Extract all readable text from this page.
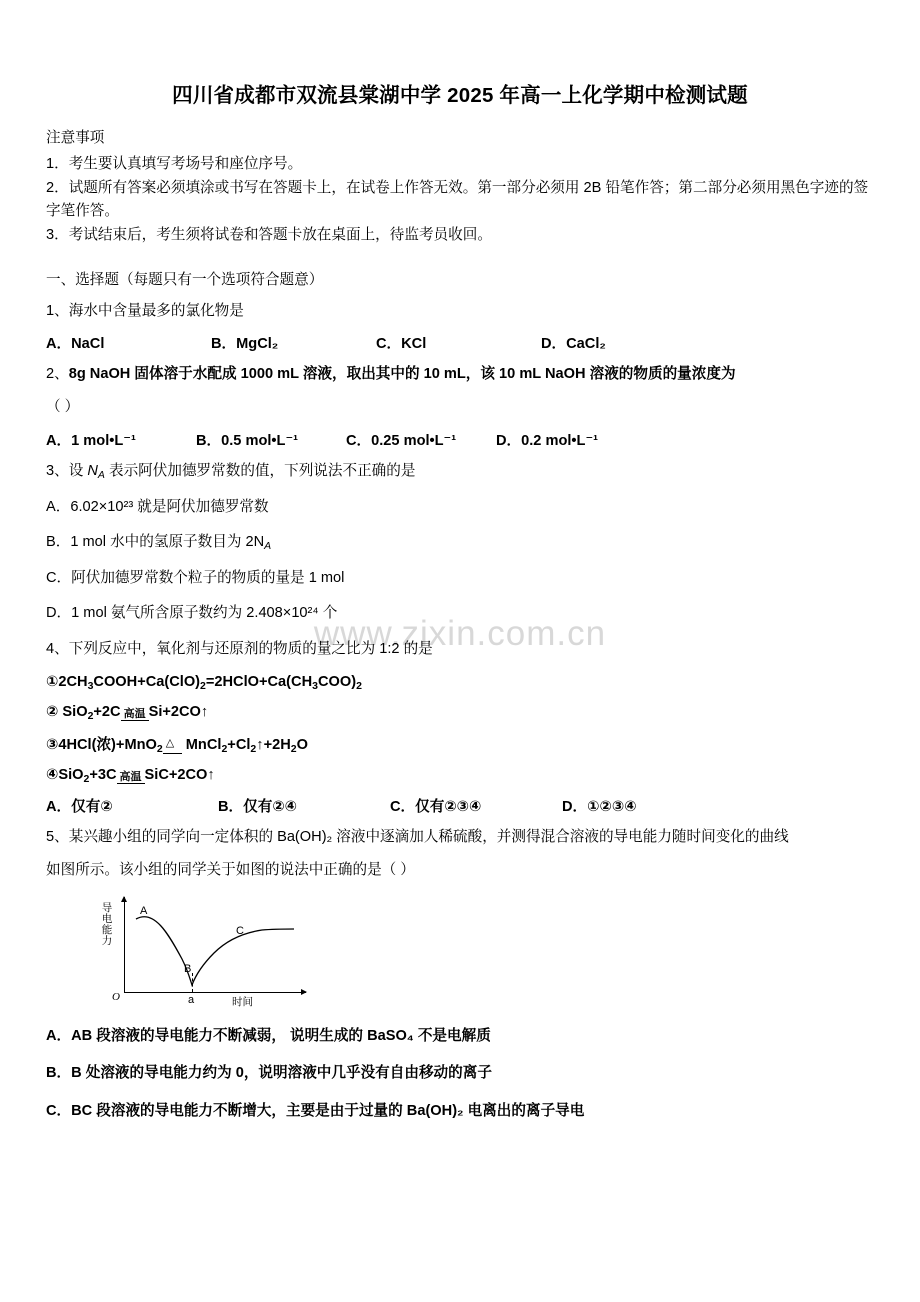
www.zixin.com.cn
四川省成都市双流县棠湖中学 2025 年高一上化学期中检测试题
注意事项

1．考生要认真填写考场号和座位序号。

2．试题所有答案必须填涂或书写在答题卡上，在试卷上作答无效。第一部分必须用 2B 铅笔作答；第二部分必须用黑色字迹的签字笔作答。

3．考试结束后，考生须将试卷和答题卡放在桌面上，待监考员收回。

一、选择题（每题只有一个选项符合题意）
1、海水中含量最多的氯化物是
A．NaCl	B．MgCl₂	C．KCl	D．CaCl₂
2、8g NaOH 固体溶于水配成 1000 mL 溶液，取出其中的 10 mL，该 10 mL NaOH 溶液的物质的量浓度为
（ ）
A．1 mol•L⁻¹	B．0.5 mol•L⁻¹	C．0.25 mol•L⁻¹	D．0.2 mol•L⁻¹
3、设 $N_A$ 表示阿伏加德罗常数的值，下列说法不正确的是
A．6.02×10²³ 就是阿伏加德罗常数
B．1 mol 水中的氢原子数目为 $2N_A$
C．阿伏加德罗常数个粒子的物质的量是 1 mol
D．1 mol 氨气所含原子数约为 2.408×10²⁴ 个
4、下列反应中，氧化剂与还原剂的物质的量之比为 1:2 的是
$①2CH_3COOH+Ca(ClO)_2=2HClO+Ca(CH_3COO)_2$
② SiO$_2$+2C 高温 Si+2CO↑
③4HCl(浓)+MnO$_2$△ $MnCl_2+Cl_2↑+2H_2O$
④SiO$_2$+3C 高温 SiC+2CO↑
A．仅有②	B．仅有②④	C．仅有②③④	D．①②③④
5、某兴趣小组的同学向一定体积的 Ba(OH)₂ 溶液中逐滴加人稀硫酸，并测得混合溶液的导电能力随时间变化的曲线
如图所示。该小组的同学关于如图的说法中正确的是（ ）
导电能力
O
A
B
C
a	时间
A．AB 段溶液的导电能力不断减弱， 说明生成的 BaSO₄ 不是电解质
B．B 处溶液的导电能力约为 0，说明溶液中几乎没有自由移动的离子
C．BC 段溶液的导电能力不断增大，主要是由于过量的 Ba(OH)₂ 电离出的离子导电
